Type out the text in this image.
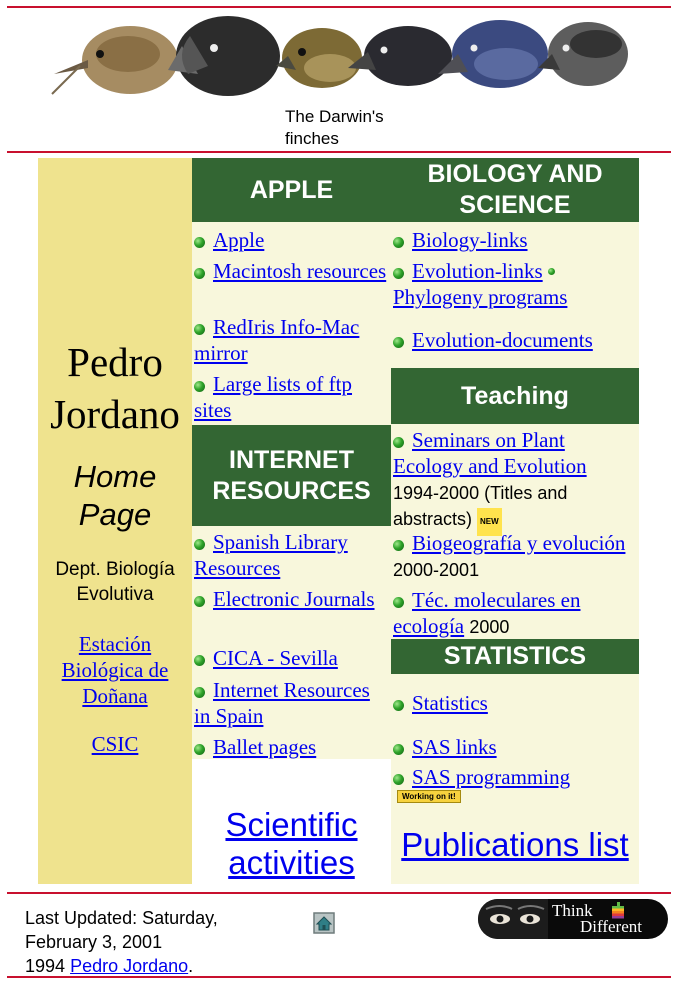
The Darwin's finches
Pedro Jordano
Home Page
Dept. Biología Evolutiva
Estación Biológica de Doñana
CSIC
APPLE
BIOLOGY AND SCIENCE
INTERNET RESOURCES
Teaching
STATISTICS
Apple
Macintosh resources
RedIris Info-Mac mirror
Large lists of ftp sites
Spanish Library Resources
Electronic Journals
CICA - Sevilla
Internet Resources in Spain
Ballet pages
Biology-links
Evolution-links
Phylogeny programs
Evolution-documents
Seminars on Plant Ecology and Evolution
1994-2000 (Titles and abstracts) NEW
Biogeografía y evolución 2000-2001
Téc. moleculares en ecología 2000
Statistics
SAS links
SAS programming
Working on it!
Scientific activities	Publications list
Last Updated: Saturday,
February 3, 2001
1994 Pedro Jordano.
Think
Different
